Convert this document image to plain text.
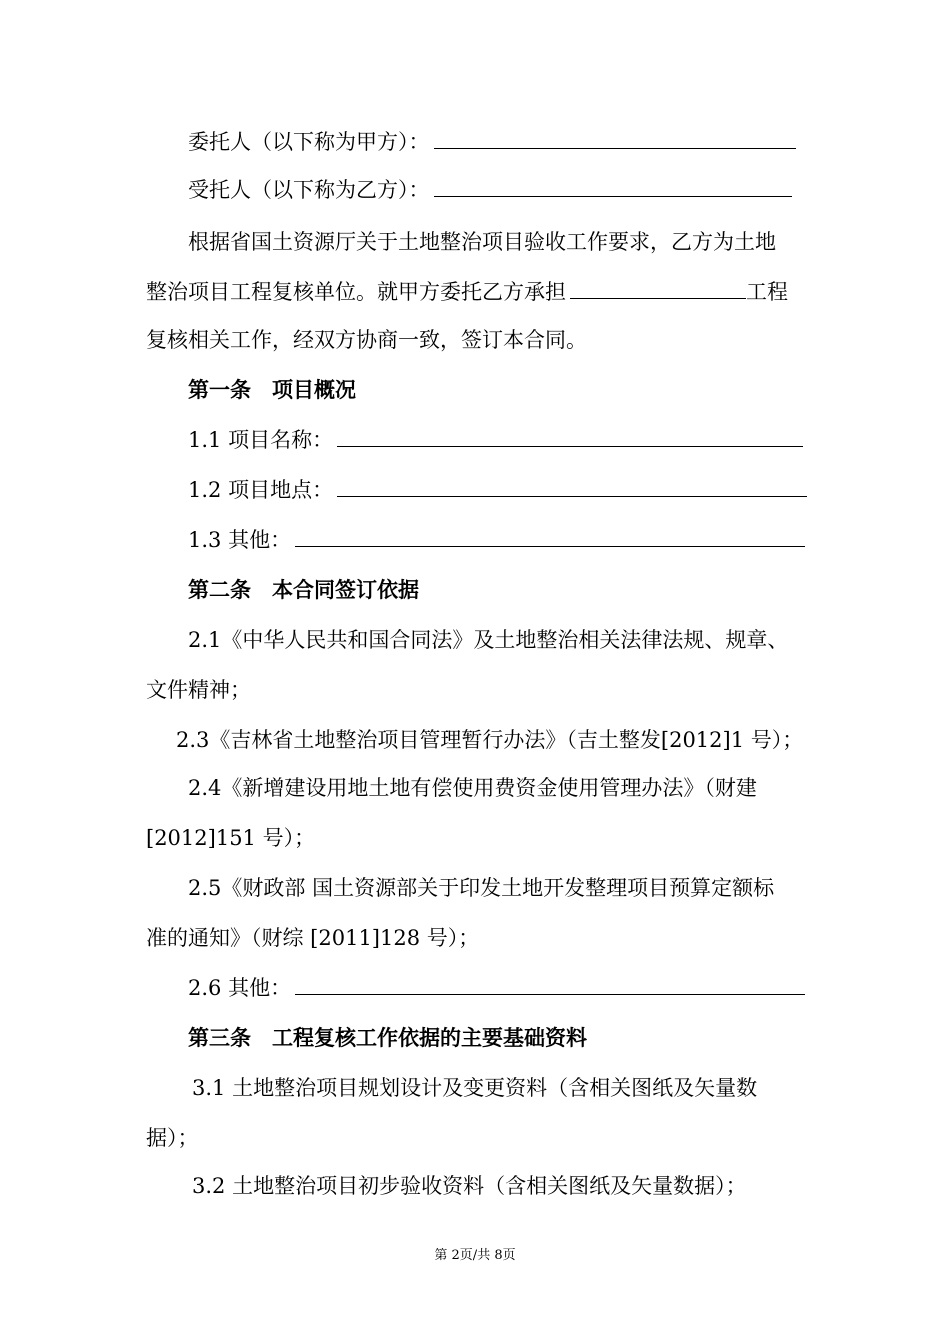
委托人（以下称为甲方）：
受托人（以下称为乙方）：
根据省国土资源厅关于土地整治项目验收工作要求，乙方为土地
整治项目工程复核单位。就甲方委托乙方承担	工程
复核相关工作，经双方协商一致，签订本合同。
第一条　项目概况
1.1 项目名称：
1.2 项目地点：
1.3 其他：
第二条　本合同签订依据
2.1《中华人民共和国合同法》及土地整治相关法律法规、规章、
文件精神；
2.3《吉林省土地整治项目管理暂行办法》（吉土整发[2012]1 号）；
2.4《新增建设用地土地有偿使用费资金使用管理办法》（财建
[2012]151 号）；
2.5《财政部 国土资源部关于印发土地开发整理项目预算定额标
准的通知》（财综 [2011]128 号）；
2.6 其他：
第三条　工程复核工作依据的主要基础资料
3.1 土地整治项目规划设计及变更资料（含相关图纸及矢量数
据）；
3.2 土地整治项目初步验收资料（含相关图纸及矢量数据）；
第 2页/共 8页
